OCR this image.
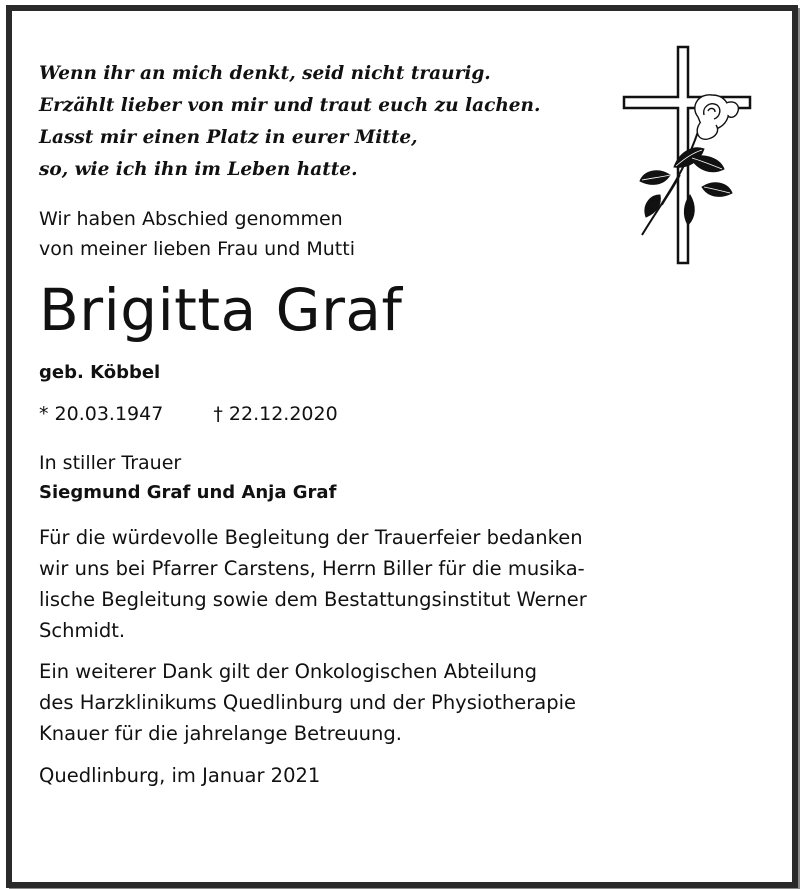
Wenn ihr an mich denkt, seid nicht traurig.
Erzählt lieber von mir und traut euch zu lachen.
Lasst mir einen Platz in eurer Mitte,
so, wie ich ihn im Leben hatte.
Wir haben Abschied genommen
von meiner lieben Frau und Mutti
Brigitta Graf
geb. Köbbel
* 20.03.1947	† 22.12.2020
In stiller Trauer
Siegmund Graf und Anja Graf
Für die würdevolle Begleitung der Trauerfeier bedanken
wir uns bei Pfarrer Carstens, Herrn Biller für die musika-
lische Begleitung sowie dem Bestattungsinstitut Werner
Schmidt.
Ein weiterer Dank gilt der Onkologischen Abteilung
des Harzklinikums Quedlinburg und der Physiotherapie
Knauer für die jahrelange Betreuung.
Quedlinburg, im Januar 2021
